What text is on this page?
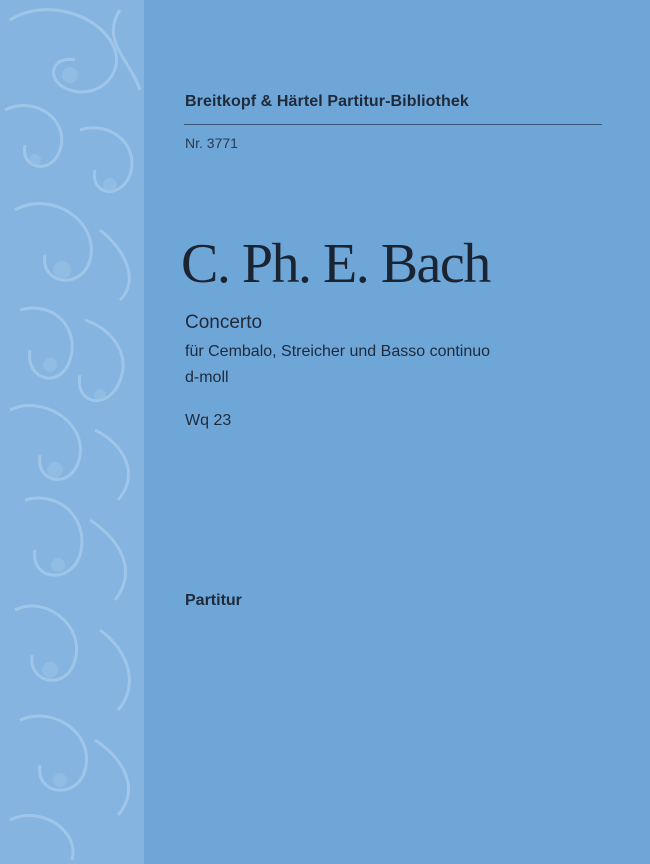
Breitkopf & Härtel Partitur-Bibliothek
Nr. 3771
C. Ph. E. Bach
Concerto
für Cembalo, Streicher und Basso continuo
d-moll
Wq 23
Partitur
